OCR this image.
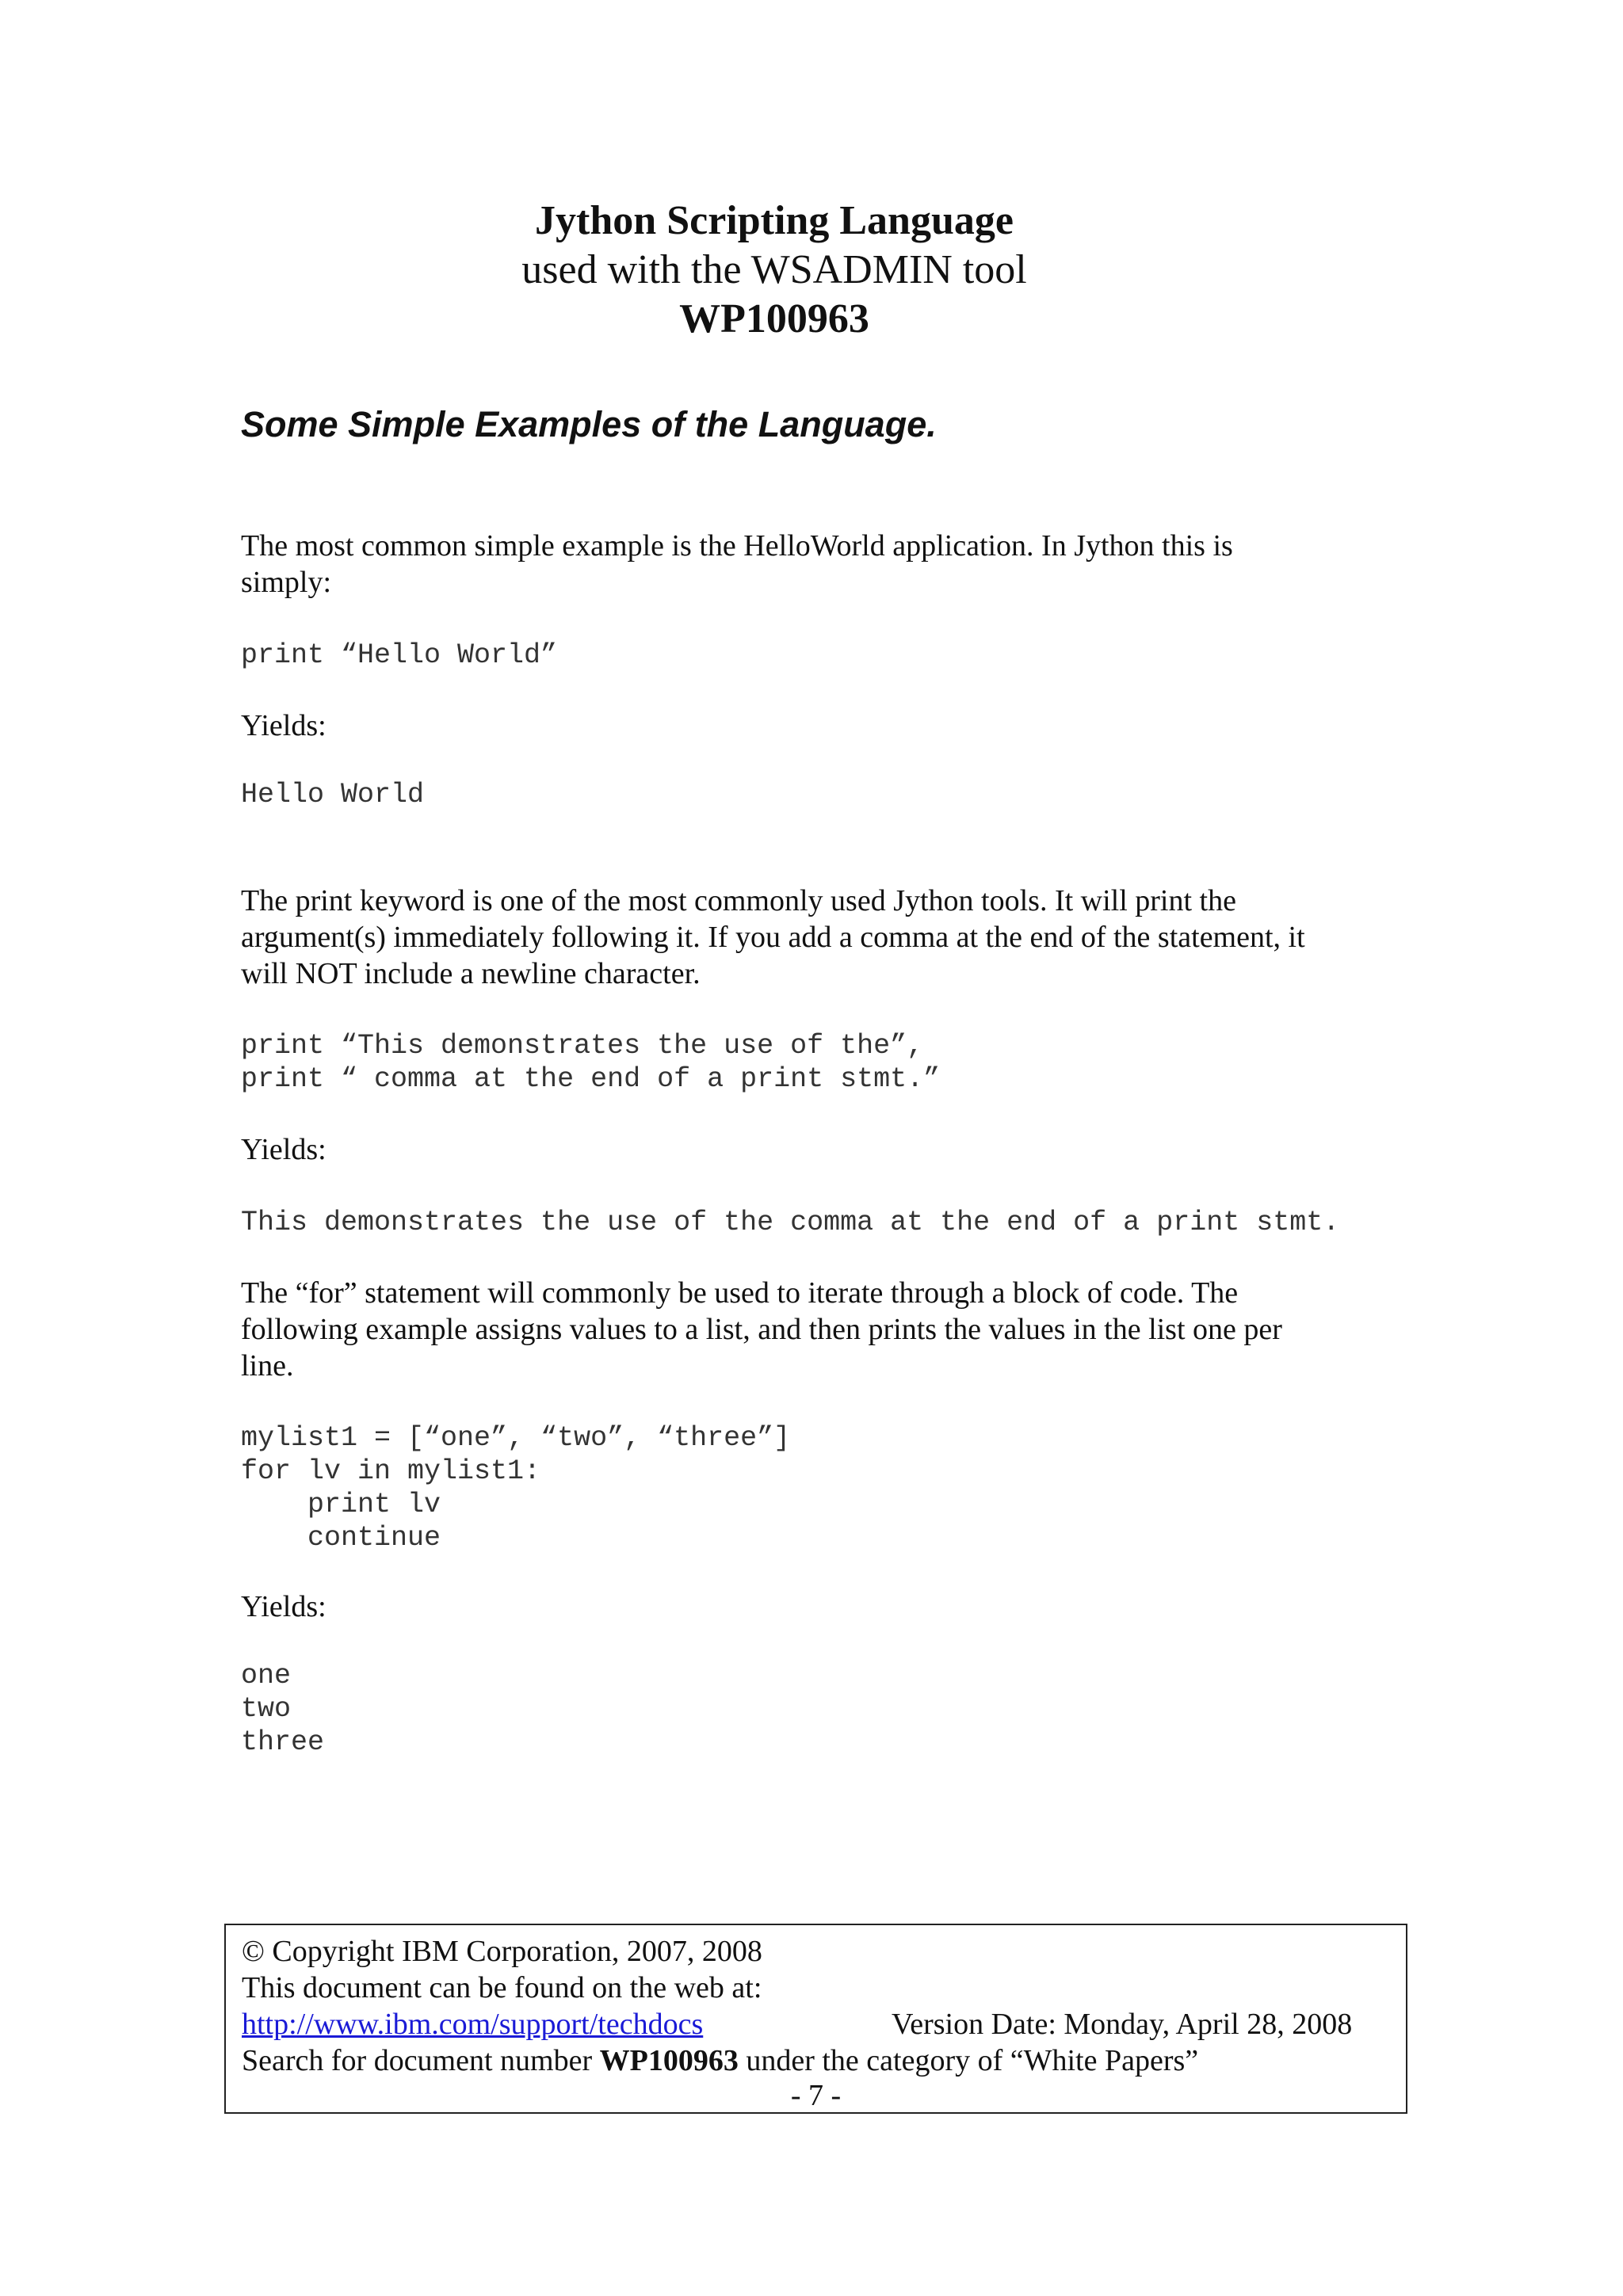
Jython Scripting Language
used with the WSADMIN tool
WP100963
Some Simple Examples of the Language.

The most common simple example is the HelloWorld application. In Jython this is
simply:

print “Hello World”

Yields:

Hello World

The print keyword is one of the most commonly used Jython tools. It will print the
argument(s) immediately following it. If you add a comma at the end of the statement, it
will NOT include a newline character.

print “This demonstrates the use of the”,
print “ comma at the end of a print stmt.”

Yields:

This demonstrates the use of the comma at the end of a print stmt.

The “for” statement will commonly be used to iterate through a block of code. The
following example assigns values to a list, and then prints the values in the list one per
line.

mylist1 = [“one”, “two”, “three”]
for lv in mylist1:
print lv
continue

Yields:

one
two
three
© Copyright IBM Corporation, 2007, 2008
This document can be found on the web at:
http://www.ibm.com/support/techdocs	Version Date: Monday, April 28, 2008
Search for document number WP100963 under the category of “White Papers”
- 7 -
